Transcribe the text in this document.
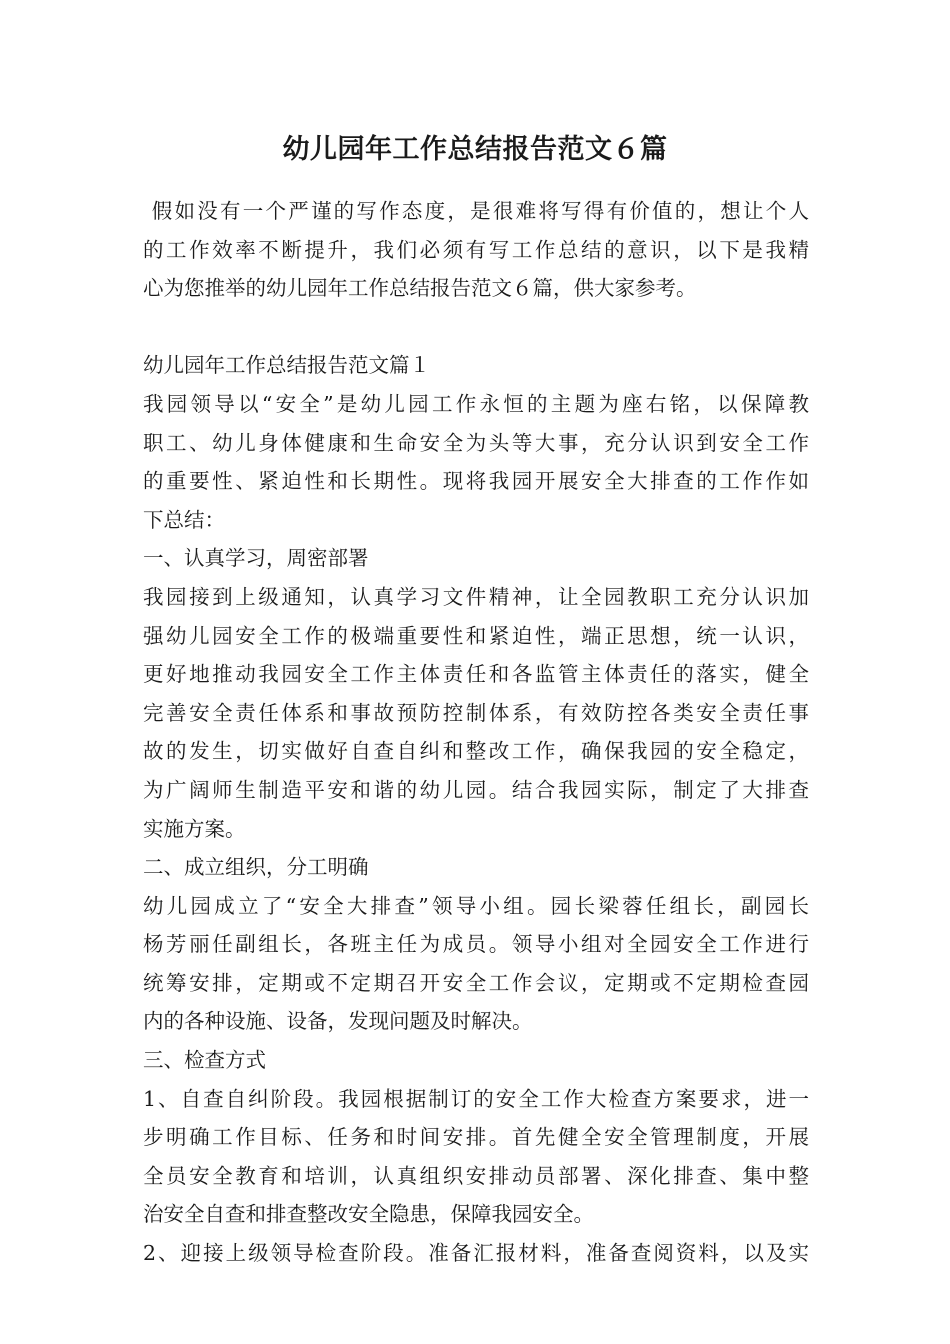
幼儿园年工作总结报告范文６篇
假如没有一个严谨的写作态度，是很难将写得有价值的，想让个人
的工作效率不断提升，我们必须有写工作总结的意识，以下是我精
心为您推举的幼儿园年工作总结报告范文６篇，供大家参考。
幼儿园年工作总结报告范文篇１
我园领导以“安全”是幼儿园工作永恒的主题为座右铭，以保障教
职工、幼儿身体健康和生命安全为头等大事，充分认识到安全工作
的重要性、紧迫性和长期性。现将我园开展安全大排查的工作作如
下总结：
一、认真学习，周密部署
我园接到上级通知，认真学习文件精神，让全园教职工充分认识加
强幼儿园安全工作的极端重要性和紧迫性，端正思想，统一认识，
更好地推动我园安全工作主体责任和各监管主体责任的落实，健全
完善安全责任体系和事故预防控制体系，有效防控各类安全责任事
故的发生，切实做好自查自纠和整改工作，确保我园的安全稳定，
为广阔师生制造平安和谐的幼儿园。结合我园实际，制定了大排查
实施方案。
二、成立组织，分工明确
幼儿园成立了“安全大排查”领导小组。园长梁蓉任组长，副园长
杨芳丽任副组长，各班主任为成员。领导小组对全园安全工作进行
统筹安排，定期或不定期召开安全工作会议，定期或不定期检查园
内的各种设施、设备，发现问题及时解决。
三、检查方式
1、自查自纠阶段。我园根据制订的安全工作大检查方案要求，进一
步明确工作目标、任务和时间安排。首先健全安全管理制度，开展
全员安全教育和培训，认真组织安排动员部署、深化排查、集中整
治安全自查和排查整改安全隐患，保障我园安全。
2、迎接上级领导检查阶段。准备汇报材料，准备查阅资料，以及实
